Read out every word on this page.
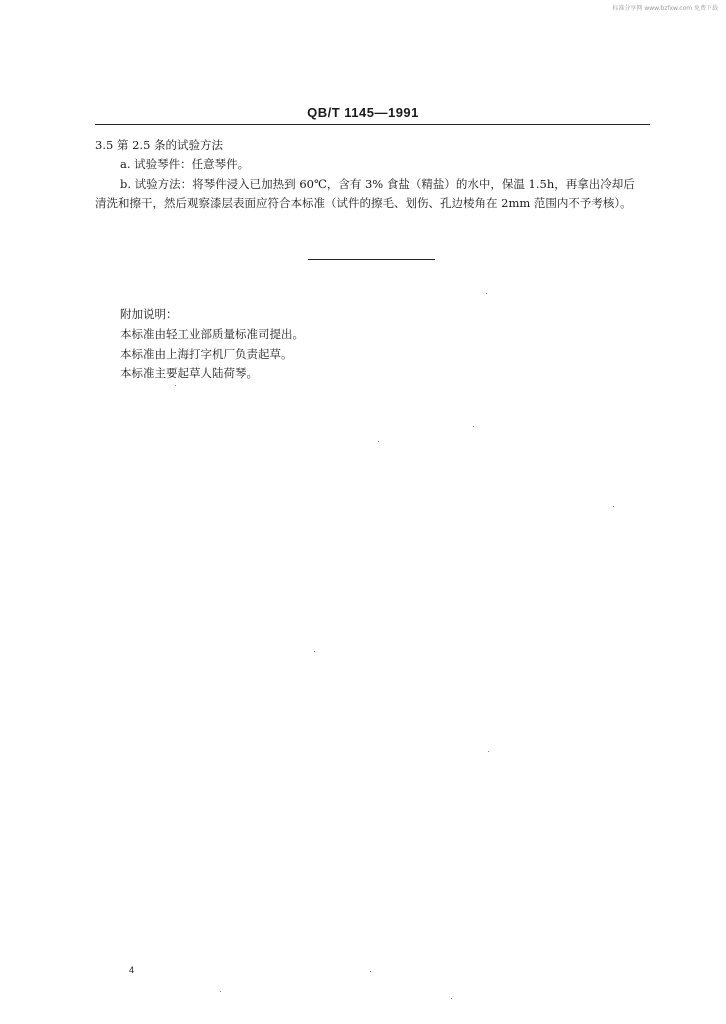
标准分享网 www.bzfxw.com 免费下载
QB/T 1145—1991
3.5 第 2.5 条的试验方法
a. 试验琴件：任意琴件。
b. 试验方法：将琴件浸入已加热到 60℃，含有 3% 食盐（精盐）的水中，保温 1.5h，再拿出冷却后
清洗和擦干，然后观察漆层表面应符合本标准（试件的擦毛、划伤、孔边棱角在 2mm 范围内不予考核）。
附加说明：
本标准由轻工业部质量标准司提出。
本标准由上海打字机厂负责起草。
本标准主要起草人陆荷琴。
4
